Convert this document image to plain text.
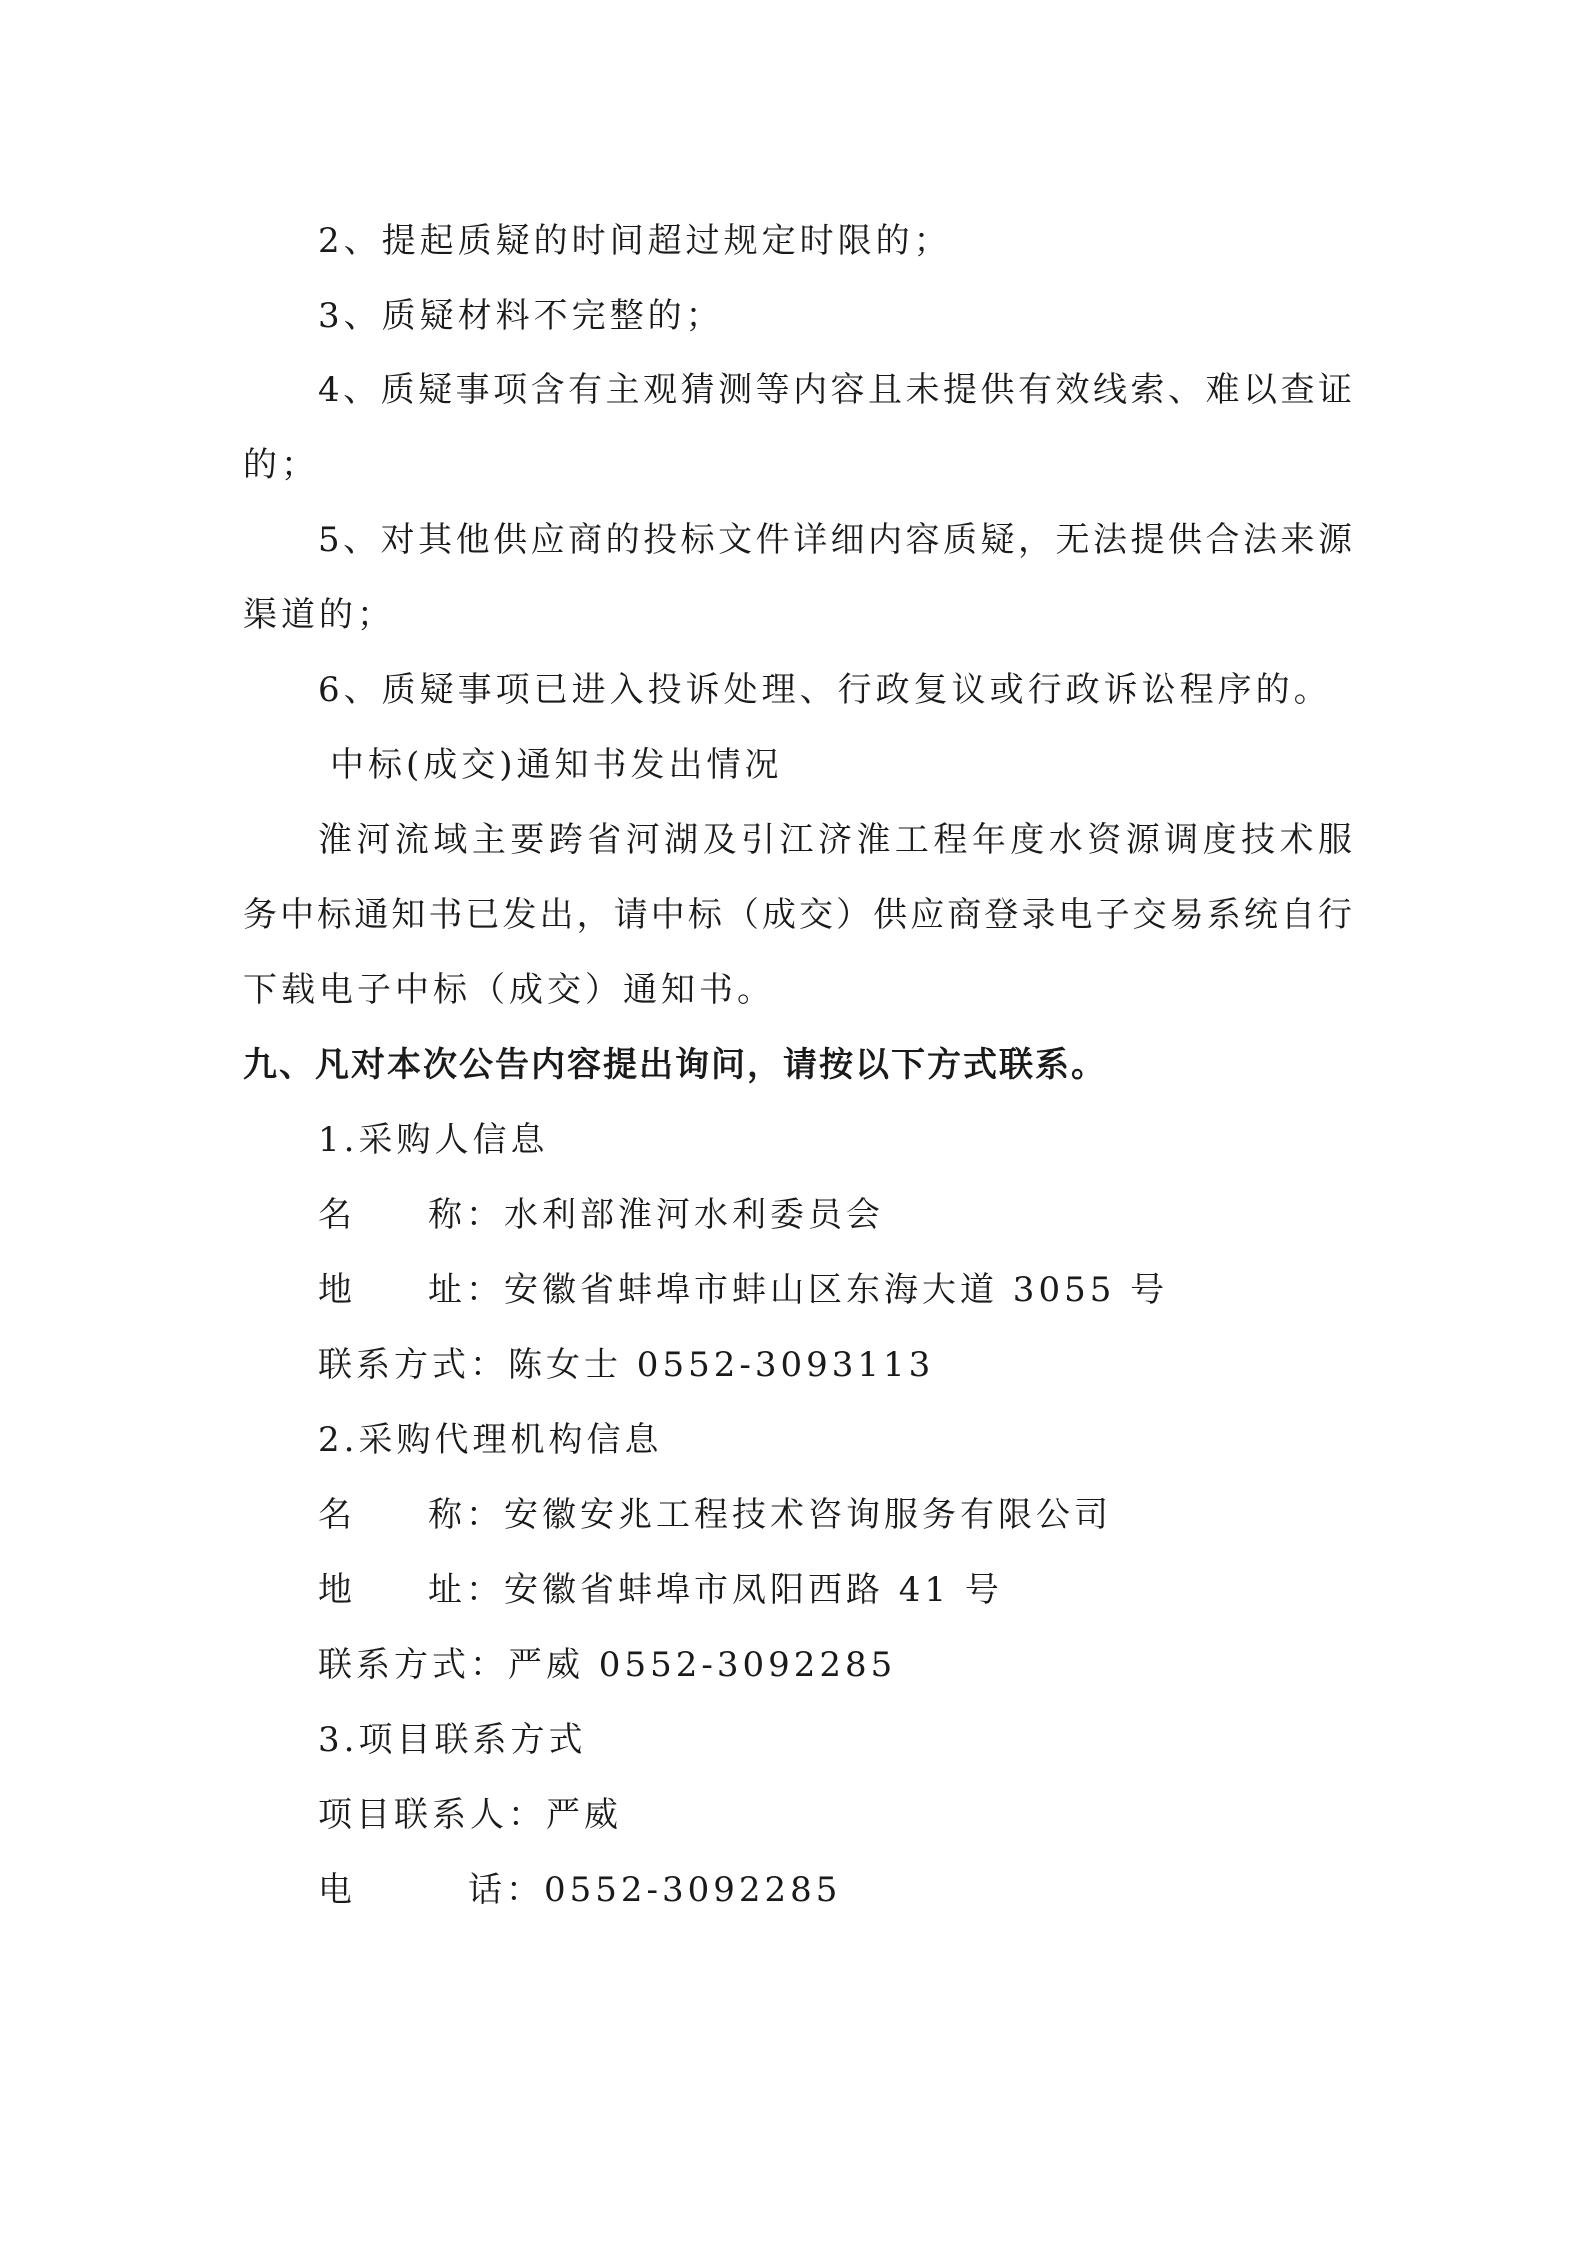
2、提起质疑的时间超过规定时限的；
3、质疑材料不完整的；
4、质疑事项含有主观猜测等内容且未提供有效线索、难以查证
的；
5、对其他供应商的投标文件详细内容质疑，无法提供合法来源
渠道的；
6、质疑事项已进入投诉处理、行政复议或行政诉讼程序的。
中标(成交)通知书发出情况
淮河流域主要跨省河湖及引江济淮工程年度水资源调度技术服
务中标通知书已发出，请中标（成交）供应商登录电子交易系统自行
下载电子中标（成交）通知书。
九、凡对本次公告内容提出询问，请按以下方式联系。
1.采购人信息
名 称：水利部淮河水利委员会
地 址：安徽省蚌埠市蚌山区东海大道 3055 号
联系方式：陈女士 0552-3093113
2.采购代理机构信息
名 称：安徽安兆工程技术咨询服务有限公司
地 址：安徽省蚌埠市凤阳西路 41 号
联系方式：严威 0552-3092285
3.项目联系方式
项目联系人：严威
电	话：0552-3092285
